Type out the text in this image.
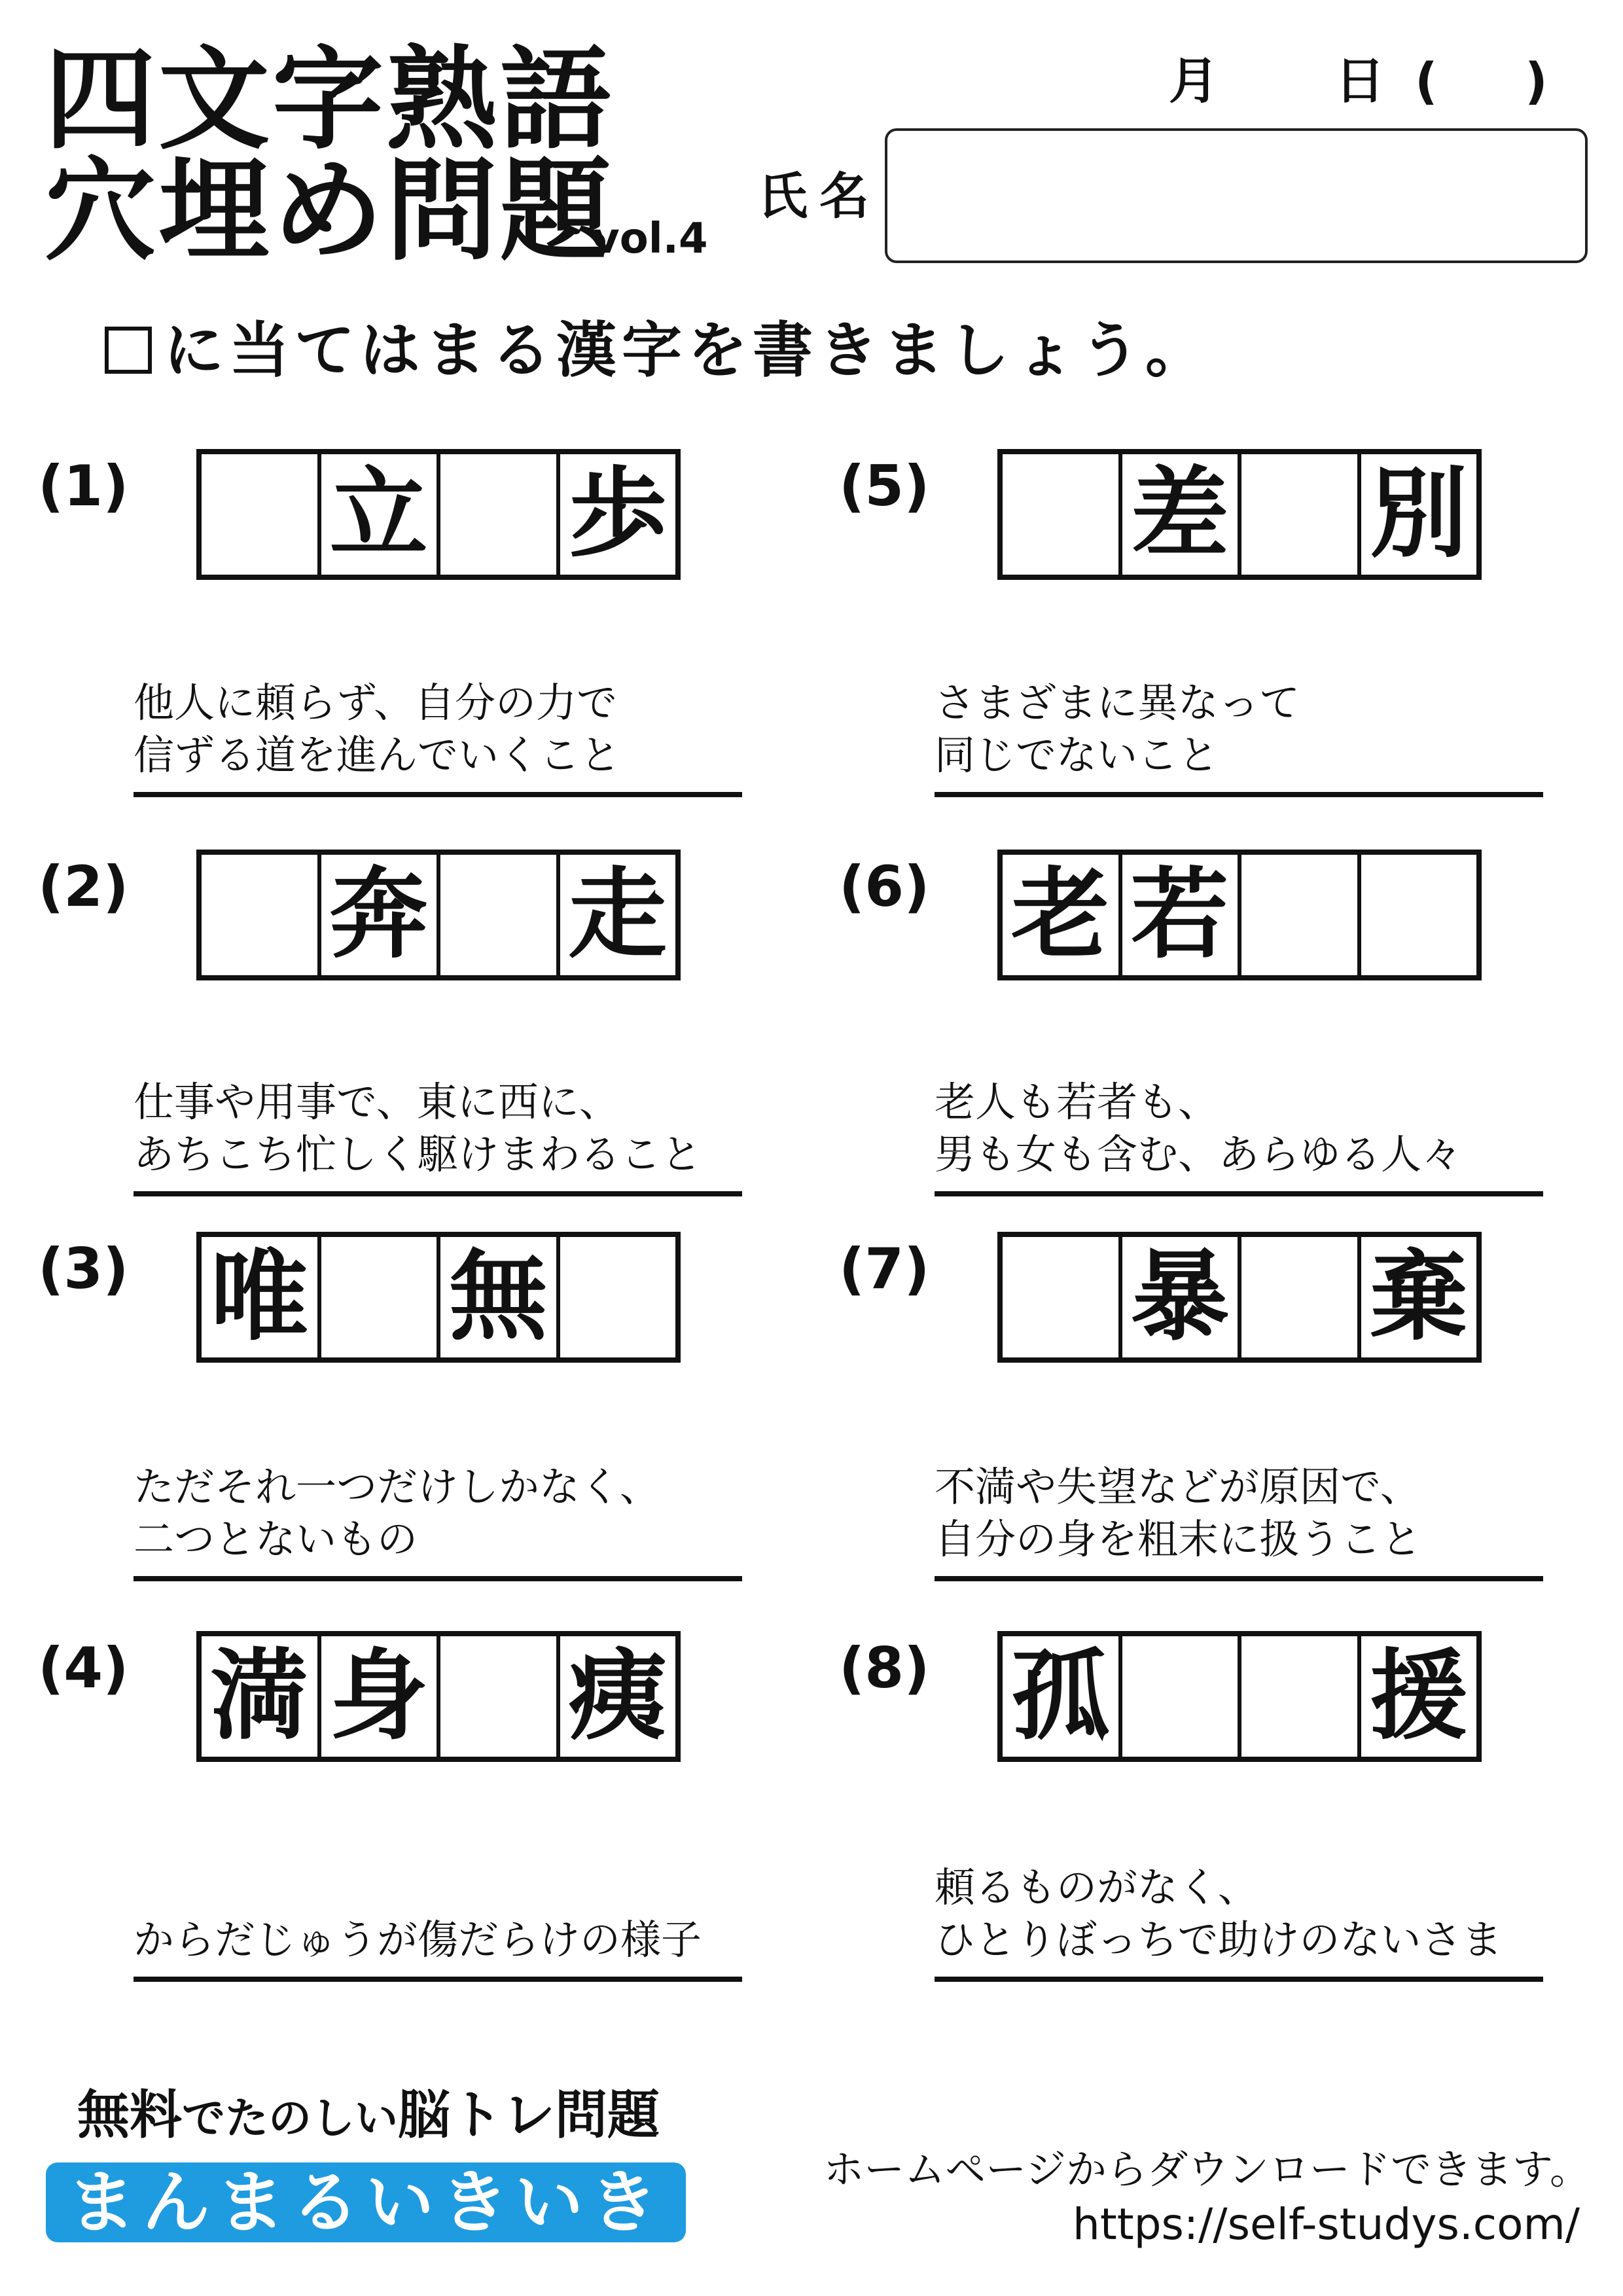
四文字熟語
穴埋め問題
vol.4
月 日 ( )
氏名
に当てはまる漢字を書きましょう。
(1) 立 歩
他人に頼らず、自分の力で
信ずる道を進んでいくこと
(2) 奔 走
仕事や用事で、東に西に、
あちこち忙しく駆けまわること
(3) 唯 無
ただそれ一つだけしかなく、
二つとないもの
(4) 満 身 痍
からだじゅうが傷だらけの様子
(5) 差 別
さまざまに異なって
同じでないこと
(6) 老 若
老人も若者も、
男も女も含む、あらゆる人々
(7) 暴 棄
不満や失望などが原因で、
自分の身を粗末に扱うこと
(8) 孤	援
頼るものがなく、
ひとりぼっちで助けのないさま
無料でたのしい脳トレ問題
まんまるいきいき	ホームページからダウンロードできます。
https://self-studys.com/
